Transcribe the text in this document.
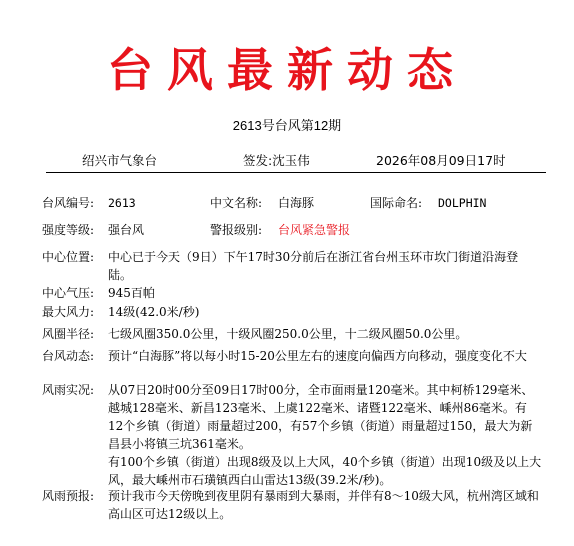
台风最新动态
2613号台风第12期
绍兴市气象台	签发:沈玉伟	2026年08月09日17时
台风编号: 2613	中文名称: 白海豚	国际命名: DOLPHIN
强度等级: 强台风	警报级别: 台风紧急警报
中心位置: 中心已于今天（9日）下午17时30分前后在浙江省台州玉环市坎门街道沿海登陆。
中心气压: 945百帕
最大风力: 14级(42.0米/秒)
风圈半径: 七级风圈350.0公里，十级风圈250.0公里，十二级风圈50.0公里。
台风动态: 预计“白海豚”将以每小时15-20公里左右的速度向偏西方向移动，强度变化不大
风雨实况: 从07日20时00分至09日17时00分，全市面雨量120毫米。其中柯桥129毫米、越城128毫米、新昌123毫米、上虞122毫米、诸暨122毫米、嵊州86毫米。有12个乡镇（街道）雨量超过200，有57个乡镇（街道）雨量超过150，最大为新昌县小将镇三坑361毫米。
有100个乡镇（街道）出现8级及以上大风，40个乡镇（街道）出现10级及以上大风，最大嵊州市石璜镇西白山雷达13级(39.2米/秒)。
风雨预报: 预计我市今天傍晚到夜里阴有暴雨到大暴雨，并伴有8～10级大风，杭州湾区域和高山区可达12级以上。
